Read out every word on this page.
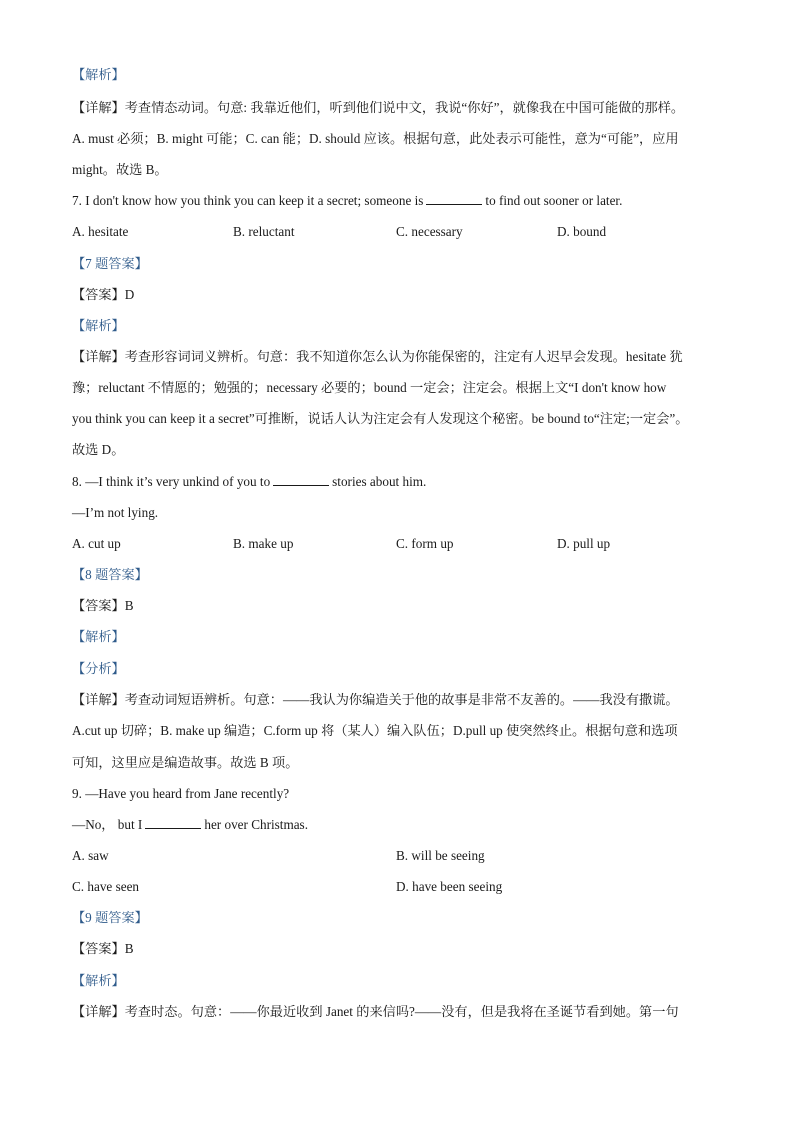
【解析】
【详解】考查情态动词。句意: 我靠近他们，听到他们说中文，我说“你好”，就像我在中国可能做的那样。
A. must 必须；B. might 可能；C. can 能；D. should 应该。根据句意，此处表示可能性，意为“可能”，应用
might。故选 B。
7. I don't know how you think you can keep it a secret; someone is	to find out sooner or later.
A. hesitate	B. reluctant	C. necessary	D. bound
【7 题答案】
【答案】D
【解析】
【详解】考查形容词词义辨析。句意：我不知道你怎么认为你能保密的，注定有人迟早会发现。hesitate 犹
豫；reluctant 不情愿的；勉强的；necessary 必要的；bound 一定会；注定会。根据上文“I don't know how
you think you can keep it a secret”可推断，说话人认为注定会有人发现这个秘密。be bound to“注定;一定会”。
故选 D。
8. —I think it’s very unkind of you to	stories about him.
—I’m not lying.
A. cut up	B. make up	C. form up	D. pull up
【8 题答案】
【答案】B
【解析】
【分析】
【详解】考查动词短语辨析。句意：——我认为你编造关于他的故事是非常不友善的。——我没有撒谎。
A.cut up 切碎；B. make up 编造；C.form up 将（某人）编入队伍；D.pull up 使突然终止。根据句意和选项
可知，这里应是编造故事。故选 B 项。
9. —Have you heard from Jane recently?
—No， but I	her over Christmas.
A. saw	B. will be seeing
C. have seen	D. have been seeing
【9 题答案】
【答案】B
【解析】
【详解】考查时态。句意：——你最近收到 Janet 的来信吗?——没有，但是我将在圣诞节看到她。第一句
